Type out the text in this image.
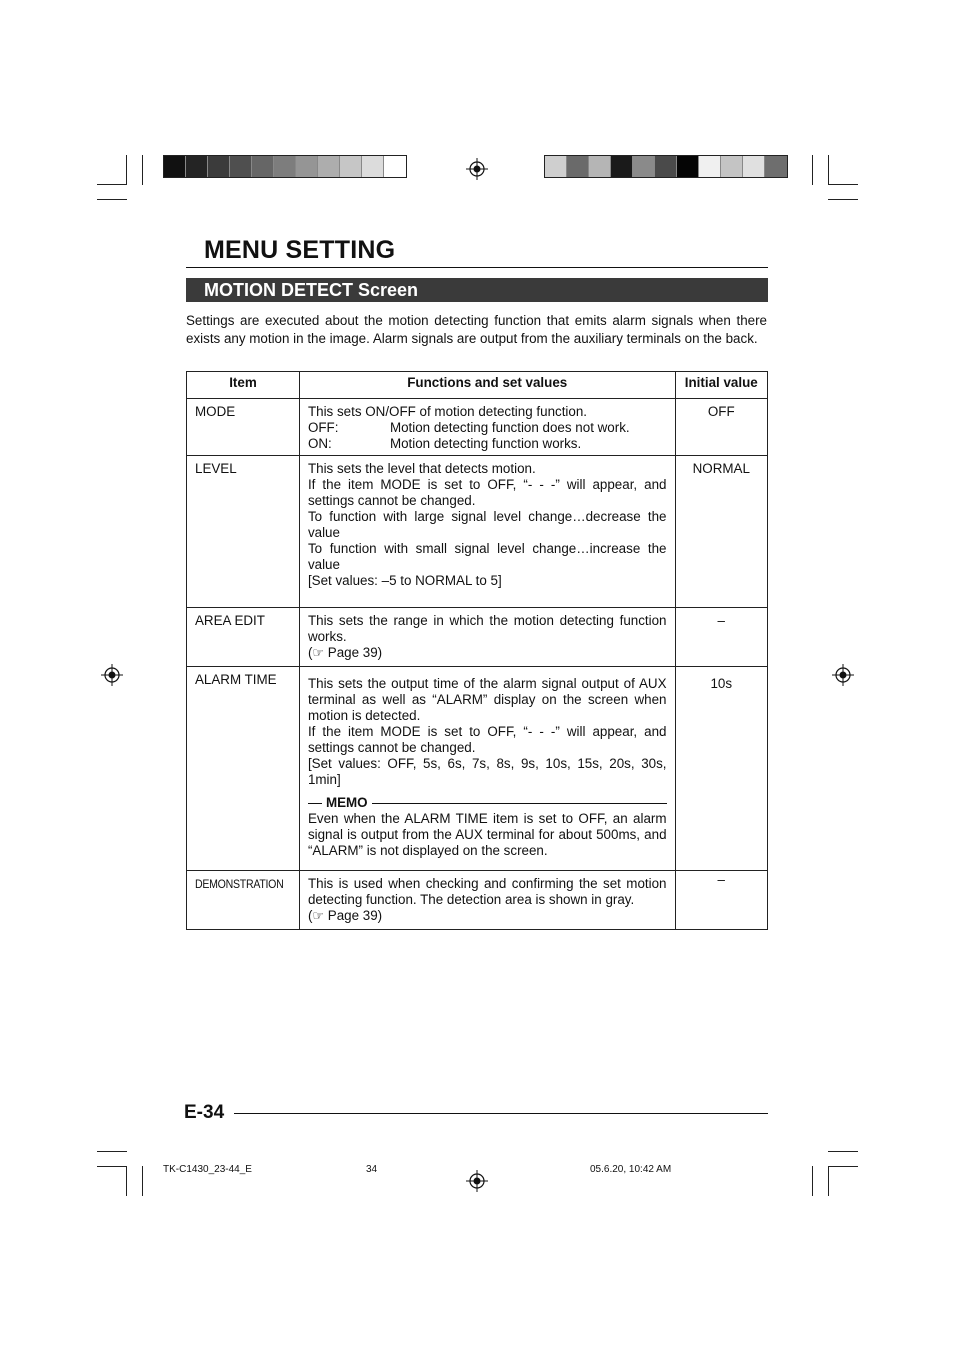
MENU SETTING
MOTION DETECT Screen
Settings are executed about the motion detecting function that emits alarm signals when there exists any motion in the image. Alarm signals are output from the auxiliary terminals on the back.
Item	Functions and set values	Initial value
MODE	This sets ON/OFF of motion detecting function.
OFF: Motion detecting function does not work.
ON: Motion detecting function works.	OFF
LEVEL	This sets the level that detects motion.
If the item MODE is set to OFF, “- - -” will appear, and settings cannot be changed.
To function with large signal level change…decrease the value
To function with small signal level change…increase the value
[Set values: –5 to NORMAL to 5]	NORMAL
AREA EDIT	This sets the range in which the motion detecting function works.
(☞ Page 39)	–
ALARM TIME	This sets the output time of the alarm signal output of AUX terminal as well as “ALARM” display on the screen when motion is detected.
If the item MODE is set to OFF, “- - -” will appear, and settings cannot be changed.
[Set values: OFF, 5s, 6s, 7s, 8s, 9s, 10s, 15s, 20s, 30s, 1min]
MEMO
Even when the ALARM TIME item is set to OFF, an alarm signal is output from the AUX terminal for about 500ms, and “ALARM” is not displayed on the screen.	10s
DEMONSTRATION	This is used when checking and confirming the set motion detecting function. The detection area is shown in gray.
(☞ Page 39)	–
E-34
TK-C1430_23-44_E	34	05.6.20, 10:42 AM
